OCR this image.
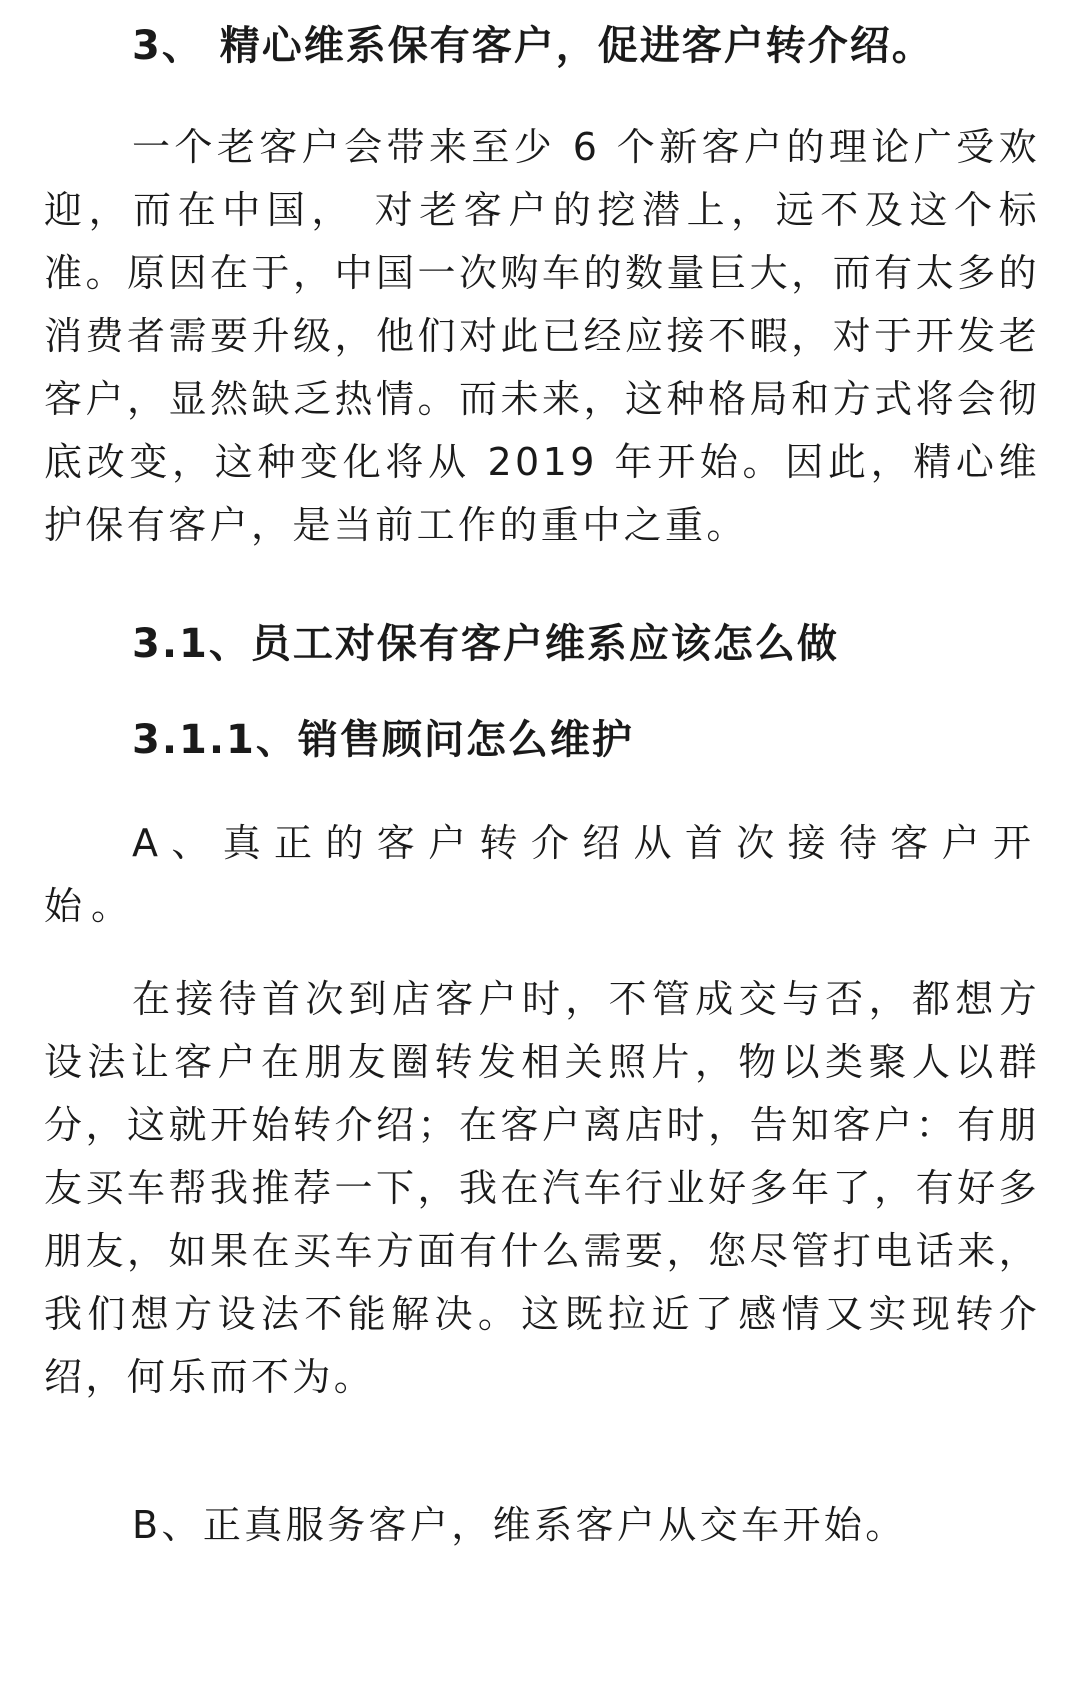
3、 精心维系保有客户，促进客户转介绍。

一个老客户会带来至少 6 个新客户的理论广受欢迎，而在中国， 对老客户的挖潜上，远不及这个标准。原因在于，中国一次购车的数量巨大，而有太多的消费者需要升级，他们对此已经应接不暇，对于开发老客户，显然缺乏热情。而未来，这种格局和方式将会彻底改变，这种变化将从 2019 年开始。因此，精心维护保有客户，是当前工作的重中之重。

3.1、员工对保有客户维系应该怎么做
3.1.1、销售顾问怎么维护

A、真正的客户转介绍从首次接待客户开始。

在接待首次到店客户时，不管成交与否，都想方设法让客户在朋友圈转发相关照片，物以类聚人以群分，这就开始转介绍；在客户离店时，告知客户：有朋友买车帮我推荐一下，我在汽车行业好多年了，有好多朋友，如果在买车方面有什么需要，您尽管打电话来，我们想方设法不能解决。这既拉近了感情又实现转介绍，何乐而不为。

B、正真服务客户，维系客户从交车开始。
